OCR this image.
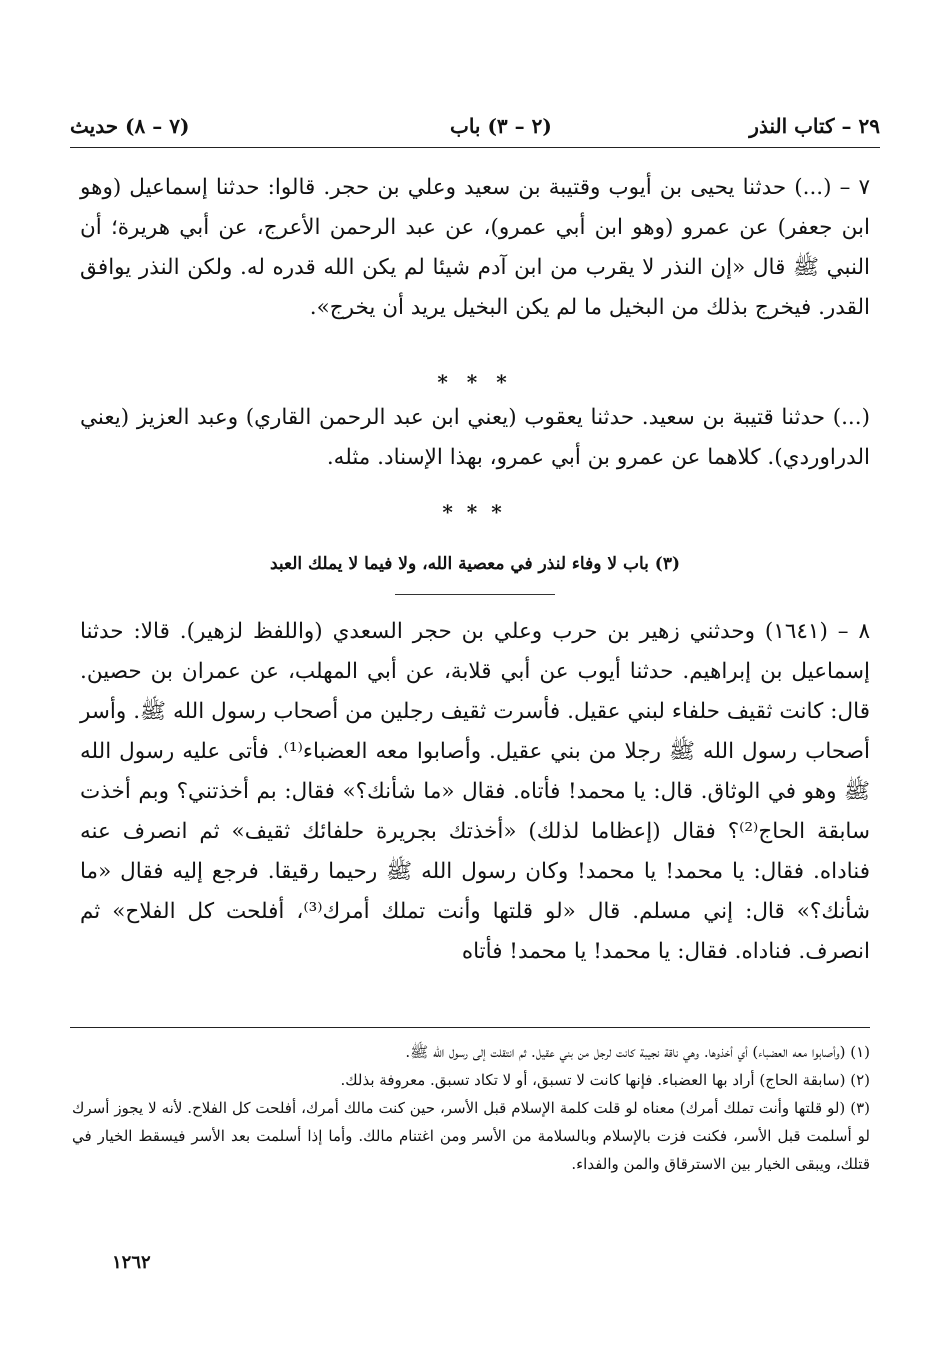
٢٩ – كتاب النذر
(٢ – ٣) باب
(٧ – ٨) حديث
٧ – (...) حدثنا يحيى بن أيوب وقتيبة بن سعيد وعلي بن حجر. قالوا: حدثنا إسماعيل (وهو ابن جعفر) عن عمرو (وهو ابن أبي عمرو)، عن عبد الرحمن الأعرج، عن أبي هريرة؛ أن النبي ﷺ قال «إن النذر لا يقرب من ابن آدم شيئا لم يكن الله قدره له. ولكن النذر يوافق القدر. فيخرج بذلك من البخيل ما لم يكن البخيل يريد أن يخرج».
* * *
(...) حدثنا قتيبة بن سعيد. حدثنا يعقوب (يعني ابن عبد الرحمن القاري) وعبد العزيز (يعني الدراوردي). كلاهما عن عمرو بن أبي عمرو، بهذا الإسناد. مثله.
* * *
(٣) باب لا وفاء لنذر في معصية الله، ولا فيما لا يملك العبد
٨ – (١٦٤١) وحدثني زهير بن حرب وعلي بن حجر السعدي (واللفظ لزهير). قالا: حدثنا إسماعيل بن إبراهيم. حدثنا أيوب عن أبي قلابة، عن أبي المهلب، عن عمران بن حصين. قال: كانت ثقيف حلفاء لبني عقيل. فأسرت ثقيف رجلين من أصحاب رسول الله ﷺ. وأسر أصحاب رسول الله ﷺ رجلا من بني عقيل. وأصابوا معه العضباء⁽¹⁾. فأتى عليه رسول الله ﷺ وهو في الوثاق. قال: يا محمد! فأتاه. فقال «ما شأنك؟» فقال: بم أخذتني؟ وبم أخذت سابقة الحاج⁽²⁾؟ فقال (إعظاما لذلك) «أخذتك بجريرة حلفائك ثقيف» ثم انصرف عنه فناداه. فقال: يا محمد! يا محمد! وكان رسول الله ﷺ رحيما رقيقا. فرجع إليه فقال «ما شأنك؟» قال: إني مسلم. قال «لو قلتها وأنت تملك أمرك⁽³⁾، أفلحت كل الفلاح» ثم انصرف. فناداه. فقال: يا محمد! يا محمد! فأتاه

(١) (وأصابوا معه العضباء) أي أخذوها. وهي ناقة نجيبة كانت لرجل من بني عقيل. ثم انتقلت إلى رسول الله ﷺ.

(٢) (سابقة الحاج) أراد بها العضباء. فإنها كانت لا تسبق، أو لا تكاد تسبق. معروفة بذلك.

(٣) (لو قلتها وأنت تملك أمرك) معناه لو قلت كلمة الإسلام قبل الأسر، حين كنت مالك أمرك، أفلحت كل الفلاح. لأنه لا يجوز أسرك لو أسلمت قبل الأسر، فكنت فزت بالإسلام وبالسلامة من الأسر ومن اغتنام مالك. وأما إذا أسلمت بعد الأسر فيسقط الخيار في قتلك، ويبقى الخيار بين الاسترقاق والمن والفداء.

١٢٦٢
